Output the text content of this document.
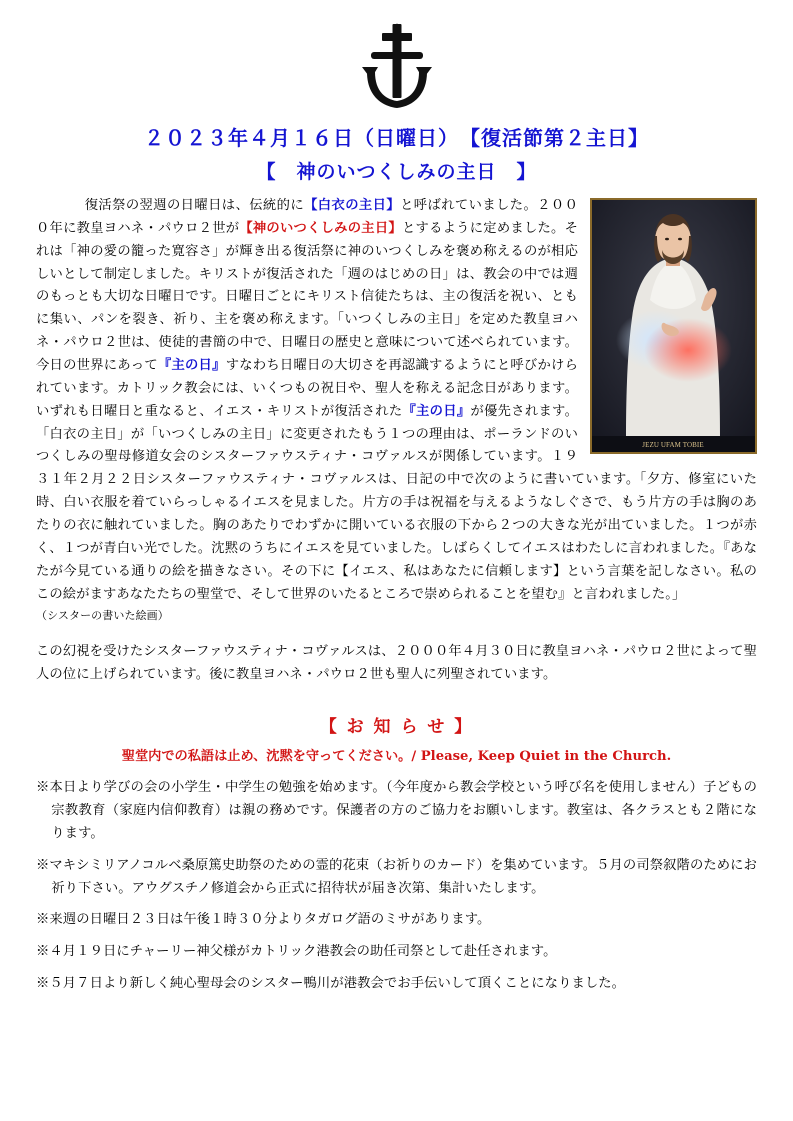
２０２３年４月１６日（日曜日）　【復活節第２主日】
【　神のいつくしみの主日　】
JEZU UFAM TOBIE

　　復活祭の翌週の日曜日は、伝統的に【白衣の主日】と呼ばれていました。２０００年に教皇ヨハネ・パウロ２世が【神のいつくしみの主日】とするように定めました。それは「神の愛の籠った寛容さ」が輝き出る復活祭に神のいつくしみを褒め称えるのが相応しいとして制定しました。キリストが復活された「週のはじめの日」は、教会の中では週のもっとも大切な日曜日です。日曜日ごとにキリスト信徒たちは、主の復活を祝い、ともに集い、パンを裂き、祈り、主を褒め称えます。「いつくしみの主日」を定めた教皇ヨハネ・パウロ２世は、使徒的書簡の中で、日曜日の歴史と意味について述べられています。今日の世界にあって『主の日』すなわち日曜日の大切さを再認識するようにと呼びかけられています。カトリック教会には、いくつもの祝日や、聖人を称える記念日があります。いずれも日曜日と重なると、イエス・キリストが復活された『主の日』が優先されます。「白衣の主日」が「いつくしみの主日」に変更されたもう１つの理由は、ポーランドのいつくしみの聖母修道女会のシスターファウスティナ・コヴァルスが関係しています。１９３１年２月２２日シスターファウスティナ・コヴァルスは、日記の中で次のように書いています。「夕方、修室にいた時、白い衣服を着ていらっしゃるイエスを見ました。片方の手は祝福を与えるようなしぐさで、もう片方の手は胸のあたりの衣に触れていました。胸のあたりでわずかに開いている衣服の下から２つの大きな光が出ていました。１つが赤く、１つが青白い光でした。沈黙のうちにイエスを見ていました。しばらくしてイエスはわたしに言われました。『あなたが今見ている通りの絵を描きなさい。その下に【イエス、私はあなたに信頼します】という言葉を記しなさい。私のこの絵がますあなたたちの聖堂で、そして世界のいたるところで崇められることを望む』と言われました。」

（シスターの書いた絵画）

この幻視を受けたシスターファウスティナ・コヴァルスは、２０００年４月３０日に教皇ヨハネ・パウロ２世によって聖人の位に上げられています。後に教皇ヨハネ・パウロ２世も聖人に列聖されています。

【 お 知 ら せ 】
聖堂内での私語は止め、沈黙を守ってください。/ Please, Keep Quiet in the Church.

※本日より学びの会の小学生・中学生の勉強を始めます。（今年度から教会学校という呼び名を使用しません）子どもの宗教教育（家庭内信仰教育）は親の務めです。保護者の方のご協力をお願いします。教室は、各クラスとも２階になります。

※マキシミリアノコルベ桑原篤史助祭のための霊的花束（お祈りのカード）を集めています。５月の司祭叙階のためにお祈り下さい。アウグスチノ修道会から正式に招待状が届き次第、集計いたします。

※来週の日曜日２３日は午後１時３０分よりタガログ語のミサがあります。

※４月１９日にチャーリー神父様がカトリック港教会の助任司祭として赴任されます。

※５月７日より新しく純心聖母会のシスター鴨川が港教会でお手伝いして頂くことになりました。
